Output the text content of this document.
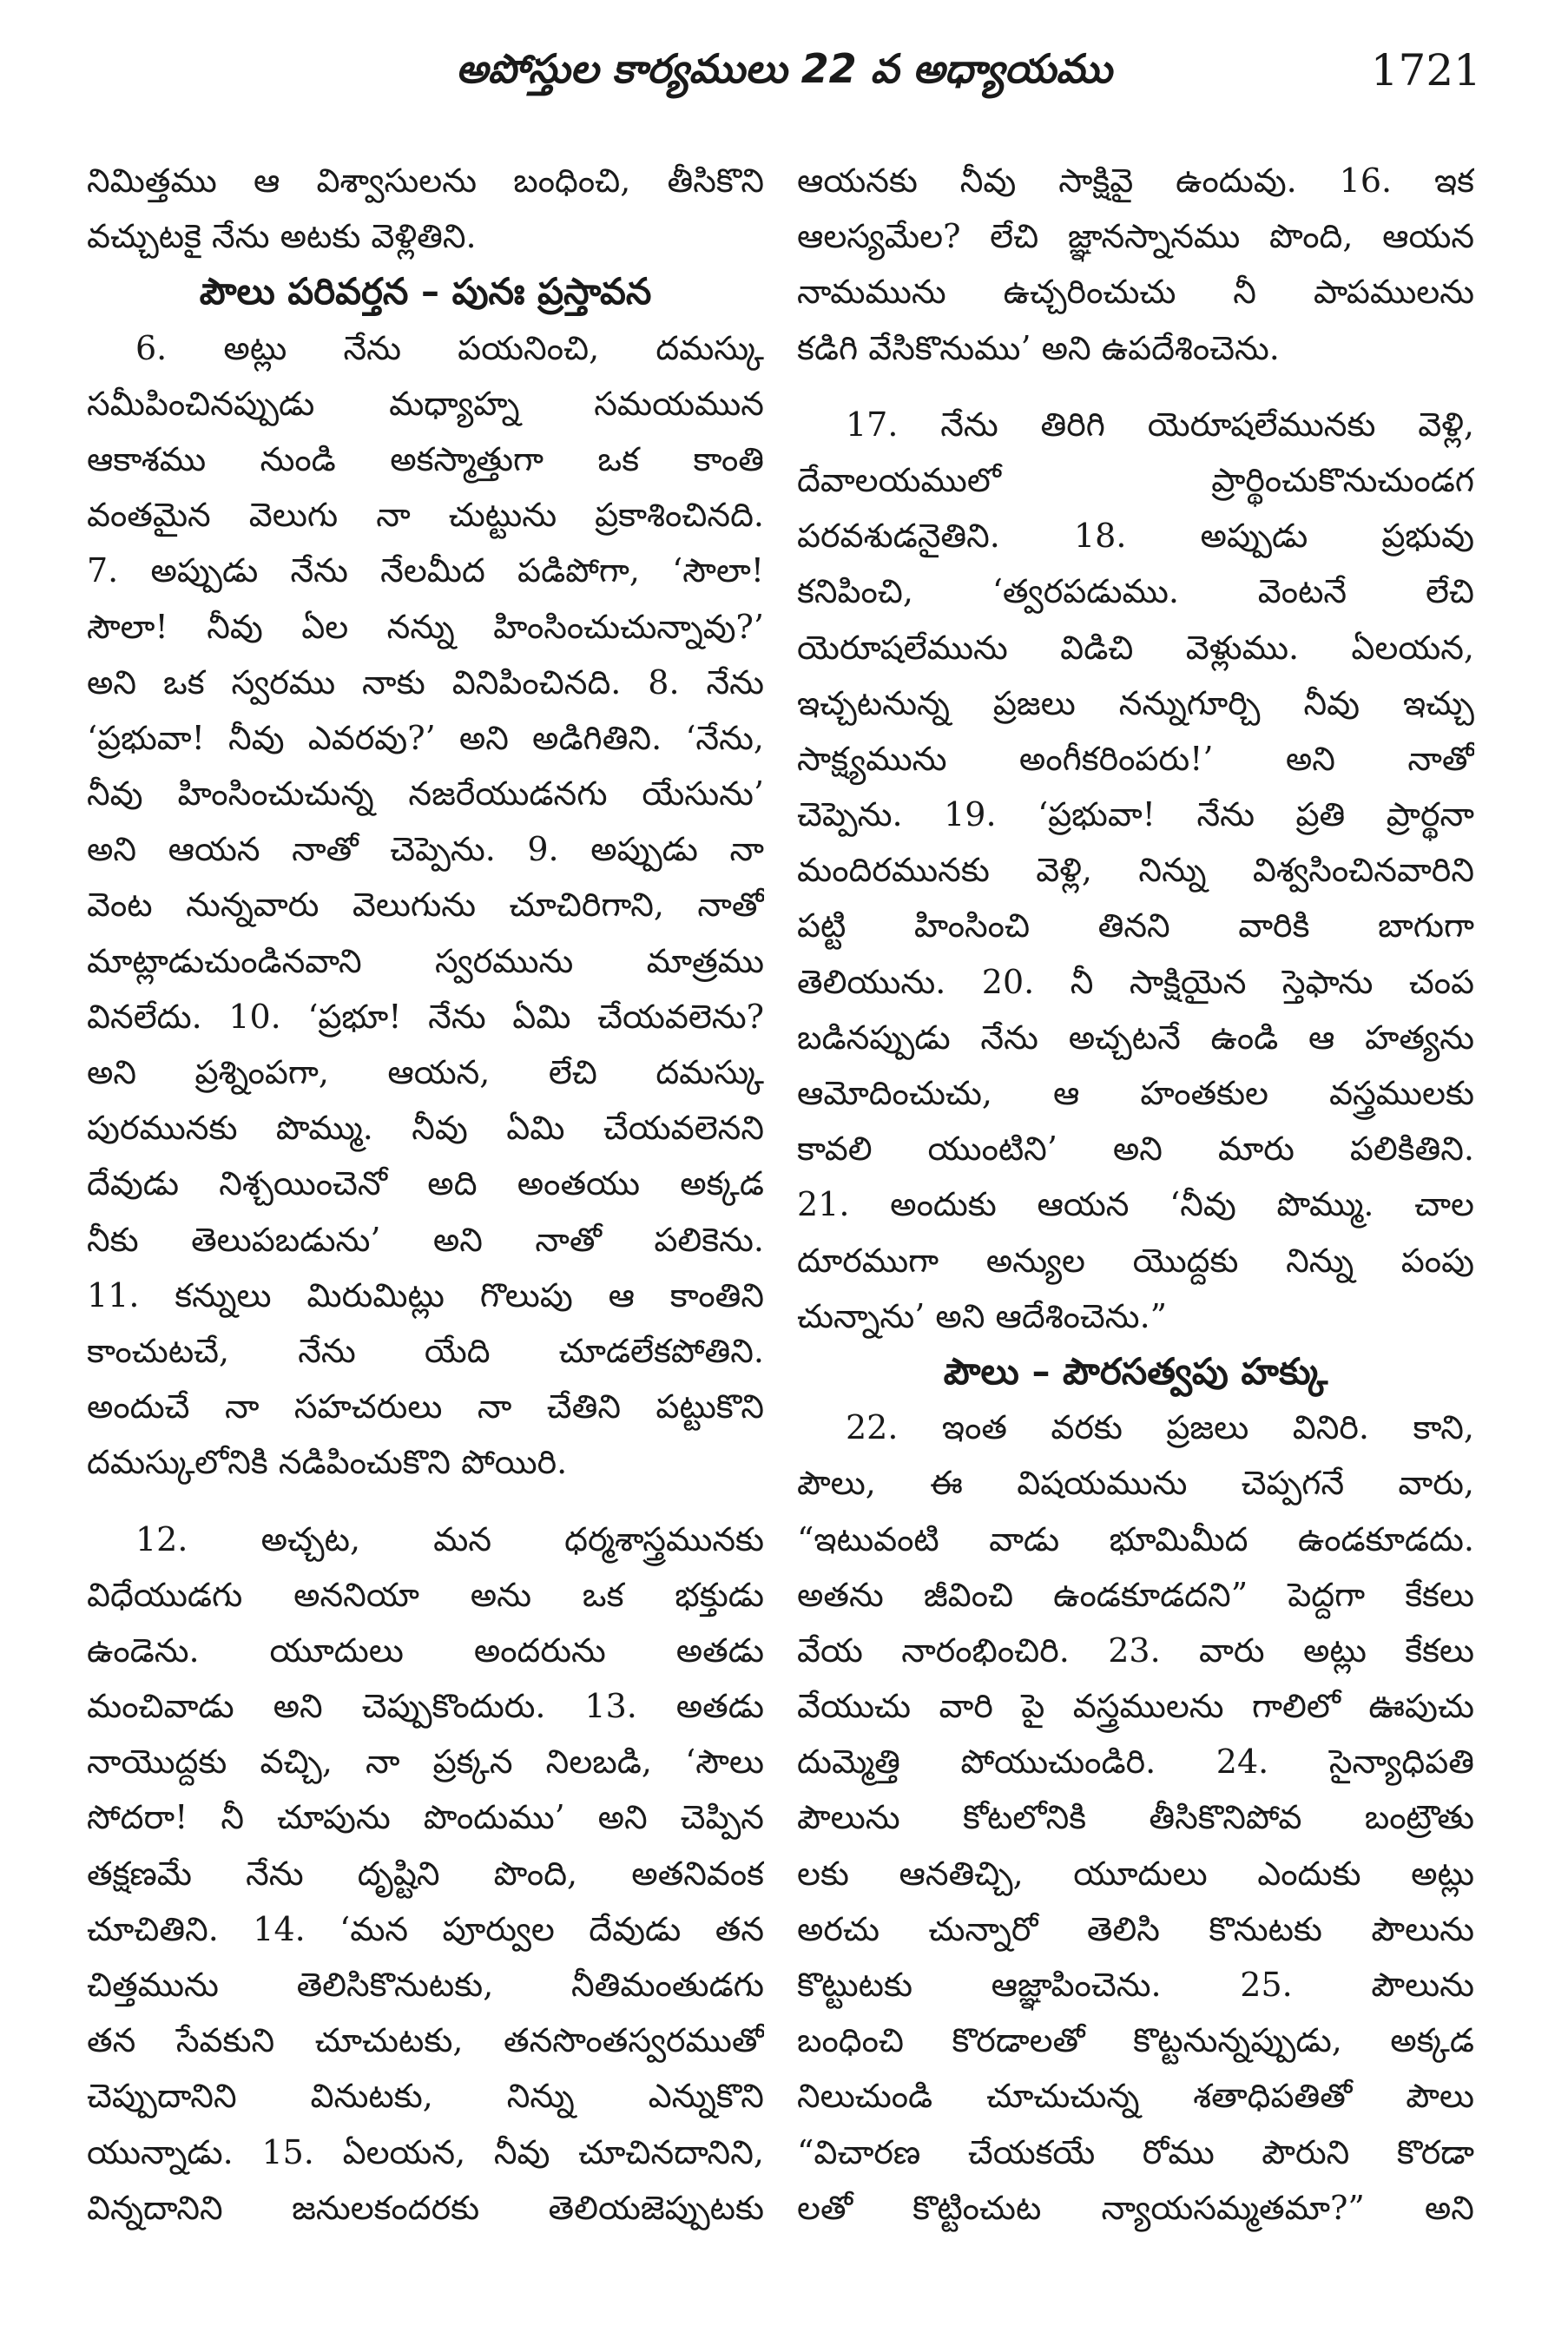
అపోస్తుల కార్యములు 22 వ అధ్యాయము	1721
నిమిత్తము ఆ విశ్వాసులను బంధించి, తీసికొని
వచ్చుటకై నేను అటకు వెళ్లితిని.
పౌలు పరివర్తన – పునః ప్రస్తావన
6. అట్లు నేను పయనించి, దమస్కు
సమీపించినప్పుడు మధ్యాహ్న సమయమున
ఆకాశము నుండి అకస్మాత్తుగా ఒక కాంతి
వంతమైన వెలుగు నా చుట్టును ప్రకాశించినది.
7. అప్పుడు నేను నేలమీద పడిపోగా, ‘సౌలా!
సౌలా! నీవు ఏల నన్ను హింసించుచున్నావు?’
అని ఒక స్వరము నాకు వినిపించినది. 8. నేను
‘ప్రభువా! నీవు ఎవరవు?’ అని అడిగితిని. ‘నేను,
నీవు హింసించుచున్న నజరేయుడనగు యేసును’
అని ఆయన నాతో చెప్పెను. 9. అప్పుడు నా
వెంట నున్నవారు వెలుగును చూచిరిగాని, నాతో
మాట్లాడుచుండినవాని స్వరమును మాత్రము
వినలేదు. 10. ‘ప్రభూ! నేను ఏమి చేయవలెను?
అని ప్రశ్నింపగా, ఆయన, లేచి దమస్కు
పురమునకు పొమ్ము. నీవు ఏమి చేయవలెనని
దేవుడు నిశ్చయించెనో అది అంతయు అక్కడ
నీకు తెలుపబడును’ అని నాతో పలికెను.
11. కన్నులు మిరుమిట్లు గొలుపు ఆ కాంతిని
కాంచుటచే, నేను యేది చూడలేకపోతిని.
అందుచే నా సహచరులు నా చేతిని పట్టుకొని
దమస్కులోనికి నడిపించుకొని పోయిరి.
12. అచ్చట, మన ధర్మశాస్త్రమునకు
విధేయుడగు అననియా అను ఒక భక్తుడు
ఉండెను. యూదులు అందరును అతడు
మంచివాడు అని చెప్పుకొందురు. 13. అతడు
నాయొద్దకు వచ్చి, నా ప్రక్కన నిలబడి, ‘సౌలు
సోదరా! నీ చూపును పొందుము’ అని చెప్పిన
తక్షణమే నేను దృష్టిని పొంది, అతనివంక
చూచితిని. 14. ‘మన పూర్వుల దేవుడు తన
చిత్తమును తెలిసికొనుటకు, నీతిమంతుడగు
తన సేవకుని చూచుటకు, తనసొంతస్వరముతో
చెప్పుదానిని వినుటకు, నిన్ను ఎన్నుకొని
యున్నాడు. 15. ఏలయన, నీవు చూచినదానిని,
విన్నదానిని జనులకందరకు తెలియజెప్పుటకు
ఆయనకు నీవు సాక్షివై ఉందువు. 16. ఇక
ఆలస్యమేల? లేచి జ్ఞానస్నానము పొంది, ఆయన
నామమును ఉచ్చరించుచు నీ పాపములను
కడిగి వేసికొనుము’ అని ఉపదేశించెను.
17. నేను తిరిగి యెరూషలేమునకు వెళ్లి,
దేవాలయములో ప్రార్థించుకొనుచుండగ
పరవశుడనైతిని. 18. అప్పుడు ప్రభువు
కనిపించి, ‘త్వరపడుము. వెంటనే లేచి
యెరూషలేమును విడిచి వెళ్లుము. ఏలయన,
ఇచ్చటనున్న ప్రజలు నన్నుగూర్చి నీవు ఇచ్చు
సాక్ష్యమును అంగీకరింపరు!’ అని నాతో
చెప్పెను. 19. ‘ప్రభువా! నేను ప్రతి ప్రార్థనా
మందిరమునకు వెళ్లి, నిన్ను విశ్వసించినవారిని
పట్టి హింసించి తినని వారికి బాగుగా
తెలియును. 20. నీ సాక్షియైన స్తెఫాను చంప
బడినప్పుడు నేను అచ్చటనే ఉండి ఆ హత్యను
ఆమోదించుచు, ఆ హంతకుల వస్త్రములకు
కావలి యుంటిని’ అని మారు పలికితిని.
21. అందుకు ఆయన ‘నీవు పొమ్ము. చాల
దూరముగా అన్యుల యొద్దకు నిన్ను పంపు
చున్నాను’ అని ఆదేశించెను.”
పౌలు – పౌరసత్వపు హక్కు
22. ఇంత వరకు ప్రజలు వినిరి. కాని,
పౌలు, ఈ విషయమును చెప్పగనే వారు,
“ఇటువంటి వాడు భూమిమీద ఉండకూడదు.
అతను జీవించి ఉండకూడదని” పెద్దగా కేకలు
వేయ నారంభించిరి. 23. వారు అట్లు కేకలు
వేయుచు వారి పై వస్త్రములను గాలిలో ఊపుచు
దుమ్మెత్తి పోయుచుండిరి. 24. సైన్యాధిపతి
పౌలును కోటలోనికి తీసికొనిపోవ బంట్రౌతు
లకు ఆనతిచ్చి, యూదులు ఎందుకు అట్లు
అరచు చున్నారో తెలిసి కొనుటకు పౌలును
కొట్టుటకు ఆజ్ఞాపించెను. 25. పౌలును
బంధించి కొరడాలతో కొట్టనున్నప్పుడు, అక్కడ
నిలుచుండి చూచుచున్న శతాధిపతితో పౌలు
“విచారణ చేయకయే రోము పౌరుని కొరడా
లతో కొట్టించుట న్యాయసమ్మతమా?” అని
